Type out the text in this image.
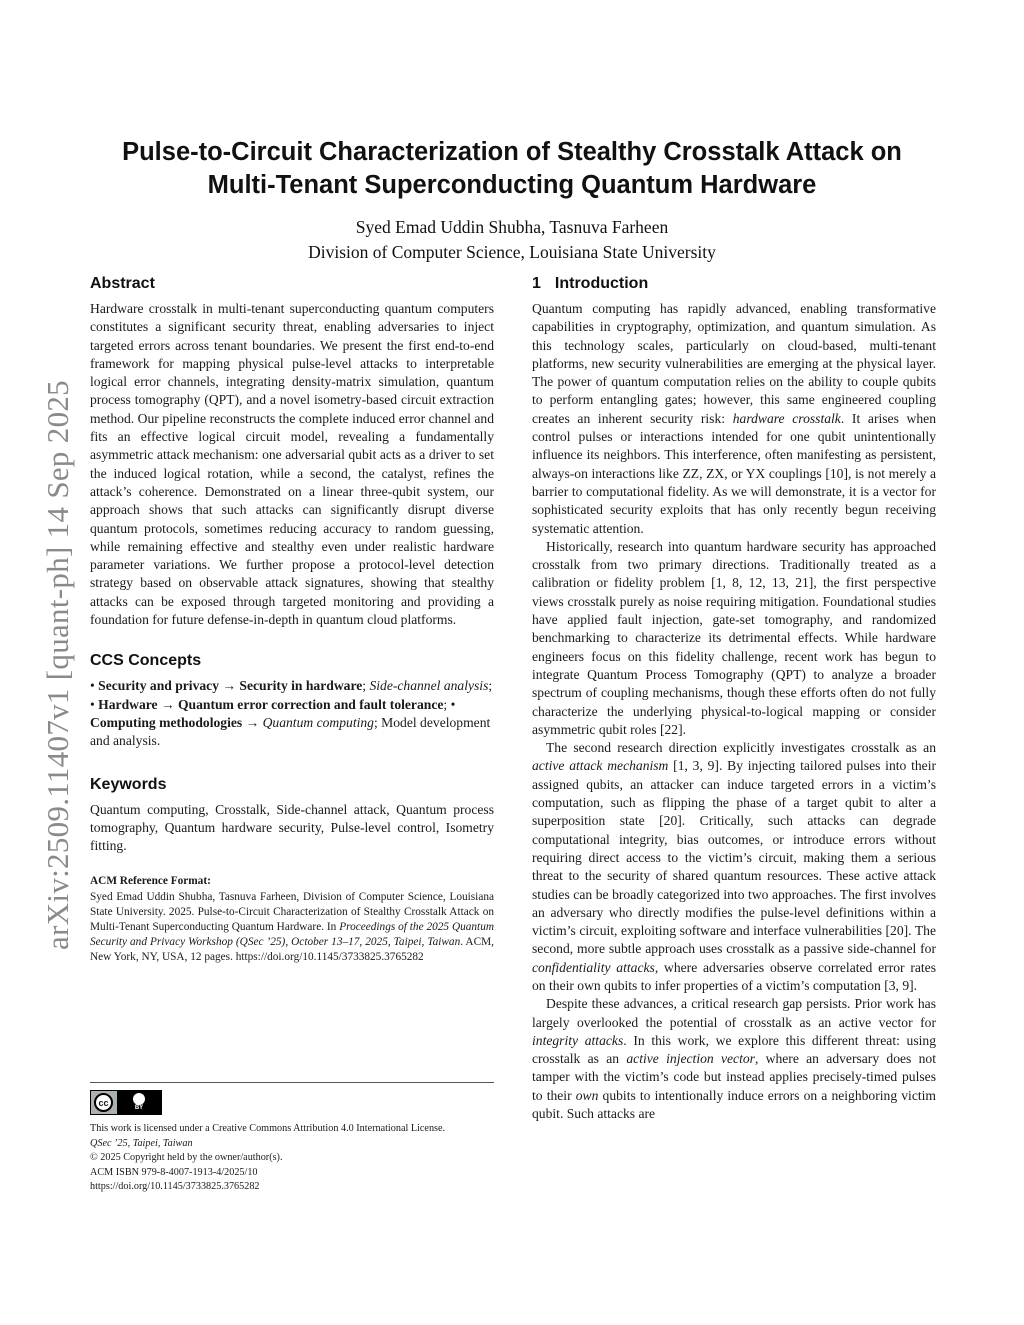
arXiv:2509.11407v1 [quant-ph] 14 Sep 2025
Pulse-to-Circuit Characterization of Stealthy Crosstalk Attack on
Multi-Tenant Superconducting Quantum Hardware
Syed Emad Uddin Shubha, Tasnuva Farheen
Division of Computer Science, Louisiana State University
Abstract

Hardware crosstalk in multi-tenant superconducting quantum computers constitutes a significant security threat, enabling adversaries to inject targeted errors across tenant boundaries. We present the first end-to-end framework for mapping physical pulse-level attacks to interpretable logical error channels, integrating density-matrix simulation, quantum process tomography (QPT), and a novel isometry-based circuit extraction method. Our pipeline reconstructs the complete induced error channel and fits an effective logical circuit model, revealing a fundamentally asymmetric attack mechanism: one adversarial qubit acts as a driver to set the induced logical rotation, while a second, the catalyst, refines the attack’s coherence. Demonstrated on a linear three-qubit system, our approach shows that such attacks can significantly disrupt diverse quantum protocols, sometimes reducing accuracy to random guessing, while remaining effective and stealthy even under realistic hardware parameter variations. We further propose a protocol-level detection strategy based on observable attack signatures, showing that stealthy attacks can be exposed through targeted monitoring and providing a foundation for future defense-in-depth in quantum cloud platforms.

CCS Concepts

• Security and privacy → Security in hardware; Side-channel analysis; • Hardware → Quantum error correction and fault tolerance; • Computing methodologies → Quantum computing; Model development and analysis.

Keywords

Quantum computing, Crosstalk, Side-channel attack, Quantum process tomography, Quantum hardware security, Pulse-level control, Isometry fitting.

ACM Reference Format:

Syed Emad Uddin Shubha, Tasnuva Farheen, Division of Computer Science, Louisiana State University. 2025. Pulse-to-Circuit Characterization of Stealthy Crosstalk Attack on Multi-Tenant Superconducting Quantum Hardware. In Proceedings of the 2025 Quantum Security and Privacy Workshop (QSec ’25), October 13–17, 2025, Taipei, Taiwan. ACM, New York, NY, USA, 12 pages. https://doi.org/10.1145/3733825.3765282

cc
BY

This work is licensed under a Creative Commons Attribution 4.0 International License.

QSec ’25, Taipei, Taiwan

© 2025 Copyright held by the owner/author(s).

ACM ISBN 979-8-4007-1913-4/2025/10

https://doi.org/10.1145/3733825.3765282

1 Introduction

Quantum computing has rapidly advanced, enabling transformative capabilities in cryptography, optimization, and quantum simulation. As this technology scales, particularly on cloud-based, multi-tenant platforms, new security vulnerabilities are emerging at the physical layer. The power of quantum computation relies on the ability to couple qubits to perform entangling gates; however, this same engineered coupling creates an inherent security risk: hardware crosstalk. It arises when control pulses or interactions intended for one qubit unintentionally influence its neighbors. This interference, often manifesting as persistent, always-on interactions like ZZ, ZX, or YX couplings [10], is not merely a barrier to computational fidelity. As we will demonstrate, it is a vector for sophisticated security exploits that has only recently begun receiving systematic attention.

Historically, research into quantum hardware security has approached crosstalk from two primary directions. Traditionally treated as a calibration or fidelity problem [1, 8, 12, 13, 21], the first perspective views crosstalk purely as noise requiring mitigation. Foundational studies have applied fault injection, gate-set tomography, and randomized benchmarking to characterize its detrimental effects. While hardware engineers focus on this fidelity challenge, recent work has begun to integrate Quantum Process Tomography (QPT) to analyze a broader spectrum of coupling mechanisms, though these efforts often do not fully characterize the underlying physical-to-logical mapping or consider asymmetric qubit roles [22].

The second research direction explicitly investigates crosstalk as an active attack mechanism [1, 3, 9]. By injecting tailored pulses into their assigned qubits, an attacker can induce targeted errors in a victim’s computation, such as flipping the phase of a target qubit to alter a superposition state [20]. Critically, such attacks can degrade computational integrity, bias outcomes, or introduce errors without requiring direct access to the victim’s circuit, making them a serious threat to the security of shared quantum resources. These active attack studies can be broadly categorized into two approaches. The first involves an adversary who directly modifies the pulse-level definitions within a victim’s circuit, exploiting software and interface vulnerabilities [20]. The second, more subtle approach uses crosstalk as a passive side-channel for confidentiality attacks, where adversaries observe correlated error rates on their own qubits to infer properties of a victim’s computation [3, 9].

Despite these advances, a critical research gap persists. Prior work has largely overlooked the potential of crosstalk as an active vector for integrity attacks. In this work, we explore this different threat: using crosstalk as an active injection vector, where an adversary does not tamper with the victim’s code but instead applies precisely-timed pulses to their own qubits to intentionally induce errors on a neighboring victim qubit. Such attacks are
